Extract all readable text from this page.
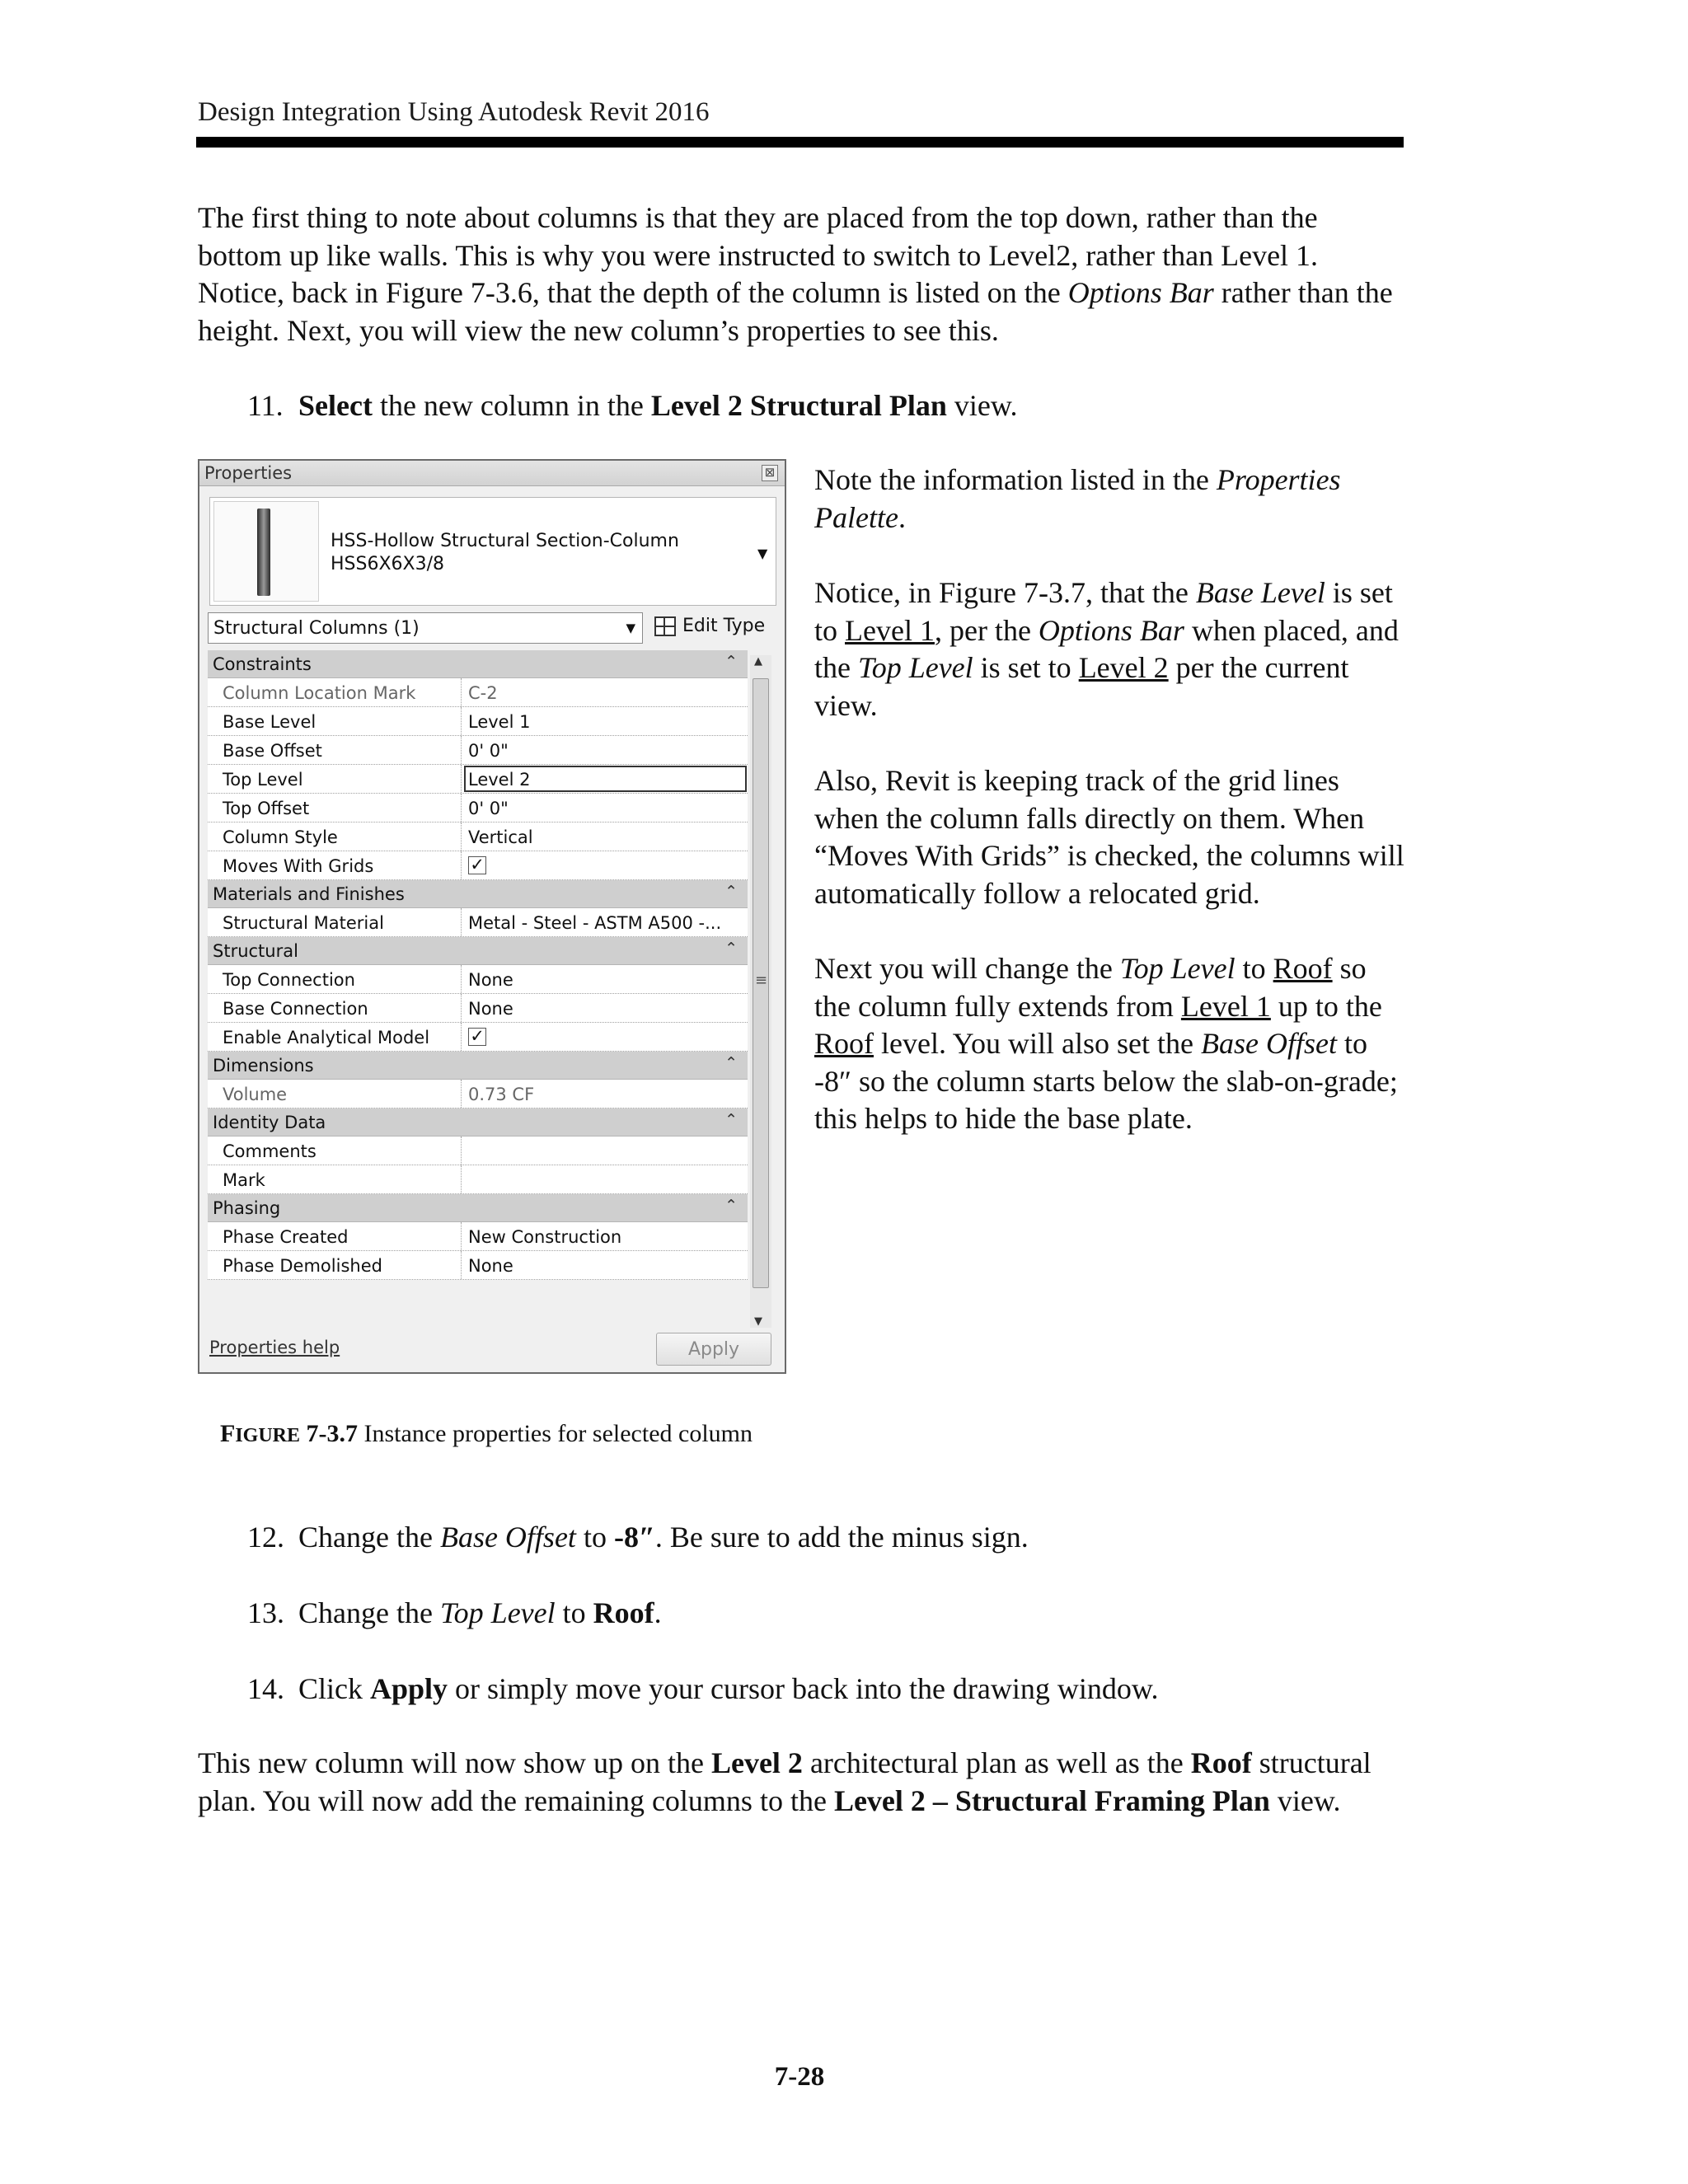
Design Integration Using Autodesk Revit 2016
The first thing to note about columns is that they are placed from the top down, rather than the bottom up like walls. This is why you were instructed to switch to Level2, rather than Level 1. Notice, back in Figure 7-3.6, that the depth of the column is listed on the Options Bar rather than the height. Next, you will view the new column’s properties to see this.
11. Select the new column in the Level 2 Structural Plan view.
Properties	⊠
HSS-Hollow Structural Section-Column
HSS6X6X3/8
▼
Structural Columns (1)	▼	Edit Type
Constraints	⌃
Column Location Mark	C-2
Base Level	Level 1
Base Offset	0' 0"
Top Level	Level 2
Top Offset	0' 0"
Column Style	Vertical
Moves With Grids	✓
Materials and Finishes	⌃
Structural Material	Metal - Steel - ASTM A500 -...
Structural	⌃
Top Connection	None
Base Connection	None
Enable Analytical Model ✓
Dimensions	⌃
Volume	0.73 CF
Identity Data	⌃
Comments
Mark
Phasing	⌃
Phase Created	New Construction
Phase Demolished	None
▲
≡
▼
Properties help	Apply

Note the information listed in the Properties Palette.

Notice, in Figure 7-3.7, that the Base Level is set to Level 1, per the Options Bar when placed, and the Top Level is set to Level 2 per the current view.

Also, Revit is keeping track of the grid lines when the column falls directly on them. When “Moves With Grids” is checked, the columns will automatically follow a relocated grid.

Next you will change the Top Level to Roof so the column fully extends from Level 1 up to the Roof level. You will also set the Base Offset to -8″ so the column starts below the slab-on-grade; this helps to hide the base plate.

FIGURE 7-3.7 Instance properties for selected column
12. Change the Base Offset to -8″. Be sure to add the minus sign.
13. Change the Top Level to Roof.
14. Click Apply or simply move your cursor back into the drawing window.
This new column will now show up on the Level 2 architectural plan as well as the Roof structural plan. You will now add the remaining columns to the Level 2 – Structural Framing Plan view.
7-28
